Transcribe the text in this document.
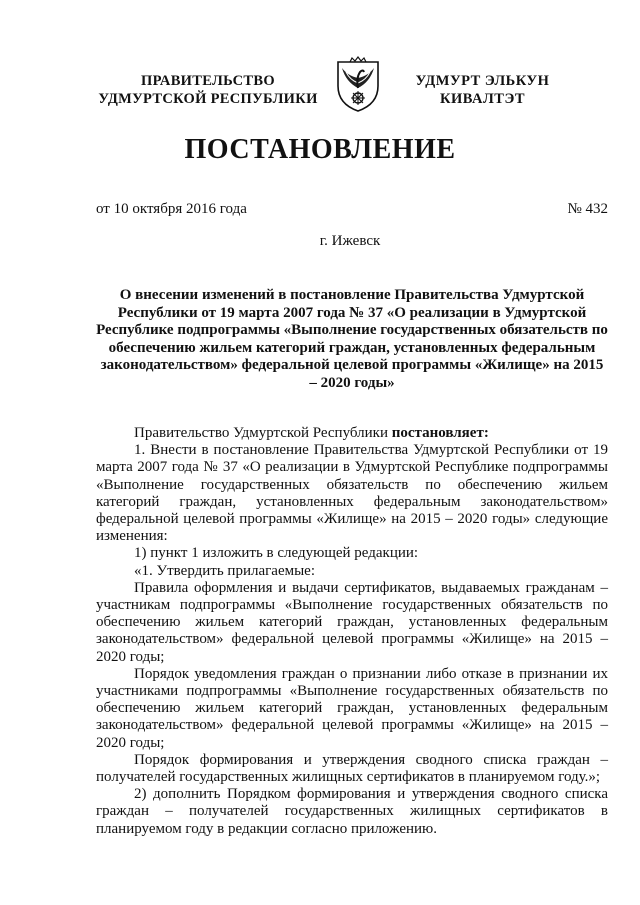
ПРАВИТЕЛЬСТВО
УДМУРТСКОЙ РЕСПУБЛИКИ
УДМУРТ ЭЛЬКУН
КИВАЛТЭТ
ПОСТАНОВЛЕНИЕ
от 10 октября 2016 года	№ 432
г. Ижевск
О внесении изменений в постановление Правительства Удмуртской Республики от 19 марта 2007 года № 37 «О реализации в Удмуртской Республике подпрограммы «Выполнение государственных обязательств по обеспечению жильем категорий граждан, установленных федеральным законодательством» федеральной целевой программы «Жилище» на 2015 – 2020 годы»

Правительство Удмуртской Республики постановляет:

1. Внести в постановление Правительства Удмуртской Республики от 19 марта 2007 года № 37 «О реализации в Удмуртской Республике подпрограммы «Выполнение государственных обязательств по обеспечению жильем категорий граждан, установленных федеральным законодательством» федеральной целевой программы «Жилище» на 2015 – 2020 годы» следующие изменения:

1) пункт 1 изложить в следующей редакции:

«1. Утвердить прилагаемые:

Правила оформления и выдачи сертификатов, выдаваемых гражданам – участникам подпрограммы «Выполнение государственных обязательств по обеспечению жильем категорий граждан, установленных федеральным законодательством» федеральной целевой программы «Жилище» на 2015 – 2020 годы;

Порядок уведомления граждан о признании либо отказе в признании их участниками подпрограммы «Выполнение государственных обязательств по обеспечению жильем категорий граждан, установленных федеральным законодательством» федеральной целевой программы «Жилище» на 2015 – 2020 годы;

Порядок формирования и утверждения сводного списка граждан – получателей государственных жилищных сертификатов в планируемом году.»;

2) дополнить Порядком формирования и утверждения сводного списка граждан – получателей государственных жилищных сертификатов в планируемом году в редакции согласно приложению.
